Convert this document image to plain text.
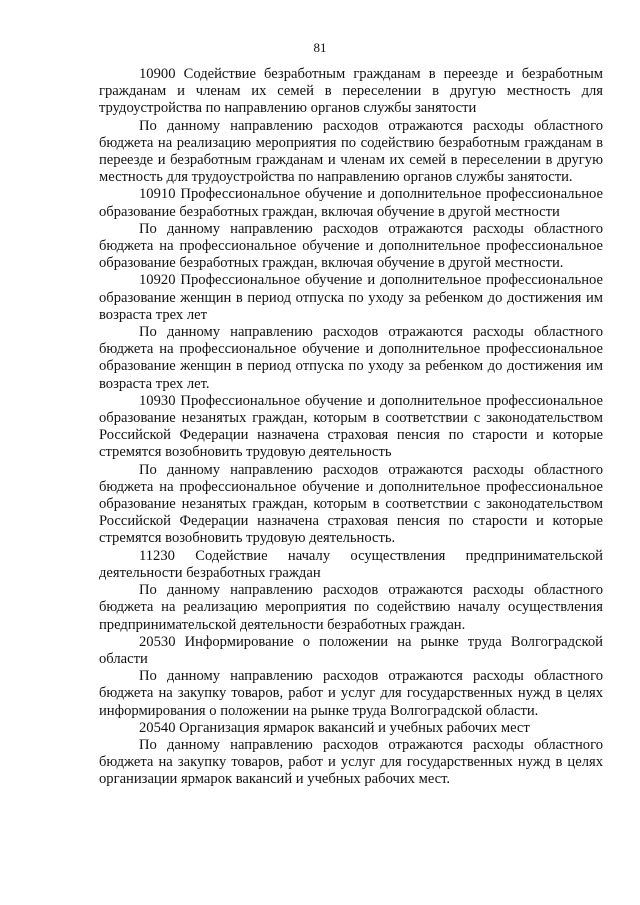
81

10900 Содействие безработным гражданам в переезде и безработным гражданам и членам их семей в переселении в другую местность для трудоустройства по направлению органов службы занятости

По данному направлению расходов отражаются расходы областного бюджета на реализацию мероприятия по содействию безработным гражданам в переезде и безработным гражданам и членам их семей в переселении в другую местность для трудоустройства по направлению органов службы занятости.

10910 Профессиональное обучение и дополнительное профессиональное образование безработных граждан, включая обучение в другой местности

По данному направлению расходов отражаются расходы областного бюджета на профессиональное обучение и дополнительное профессиональное образование безработных граждан, включая обучение в другой местности.

10920 Профессиональное обучение и дополнительное профессиональное образование женщин в период отпуска по уходу за ребенком до достижения им возраста трех лет

По данному направлению расходов отражаются расходы областного бюджета на профессиональное обучение и дополнительное профессиональное образование женщин в период отпуска по уходу за ребенком до достижения им возраста трех лет.

10930 Профессиональное обучение и дополнительное профессиональное образование незанятых граждан, которым в соответствии с законодательством Российской Федерации назначена страховая пенсия по старости и которые стремятся возобновить трудовую деятельность

По данному направлению расходов отражаются расходы областного бюджета на профессиональное обучение и дополнительное профессиональное образование незанятых граждан, которым в соответствии с законодательством Российской Федерации назначена страховая пенсия по старости и которые стремятся возобновить трудовую деятельность.

11230 Содействие началу осуществления предпринимательской деятельности безработных граждан

По данному направлению расходов отражаются расходы областного бюджета на реализацию мероприятия по содействию началу осуществления предпринимательской деятельности безработных граждан.

20530 Информирование о положении на рынке труда Волгоградской области

По данному направлению расходов отражаются расходы областного бюджета на закупку товаров, работ и услуг для государственных нужд в целях информирования о положении на рынке труда Волгоградской области.

20540 Организация ярмарок вакансий и учебных рабочих мест

По данному направлению расходов отражаются расходы областного бюджета на закупку товаров, работ и услуг для государственных нужд в целях организации ярмарок вакансий и учебных рабочих мест.
